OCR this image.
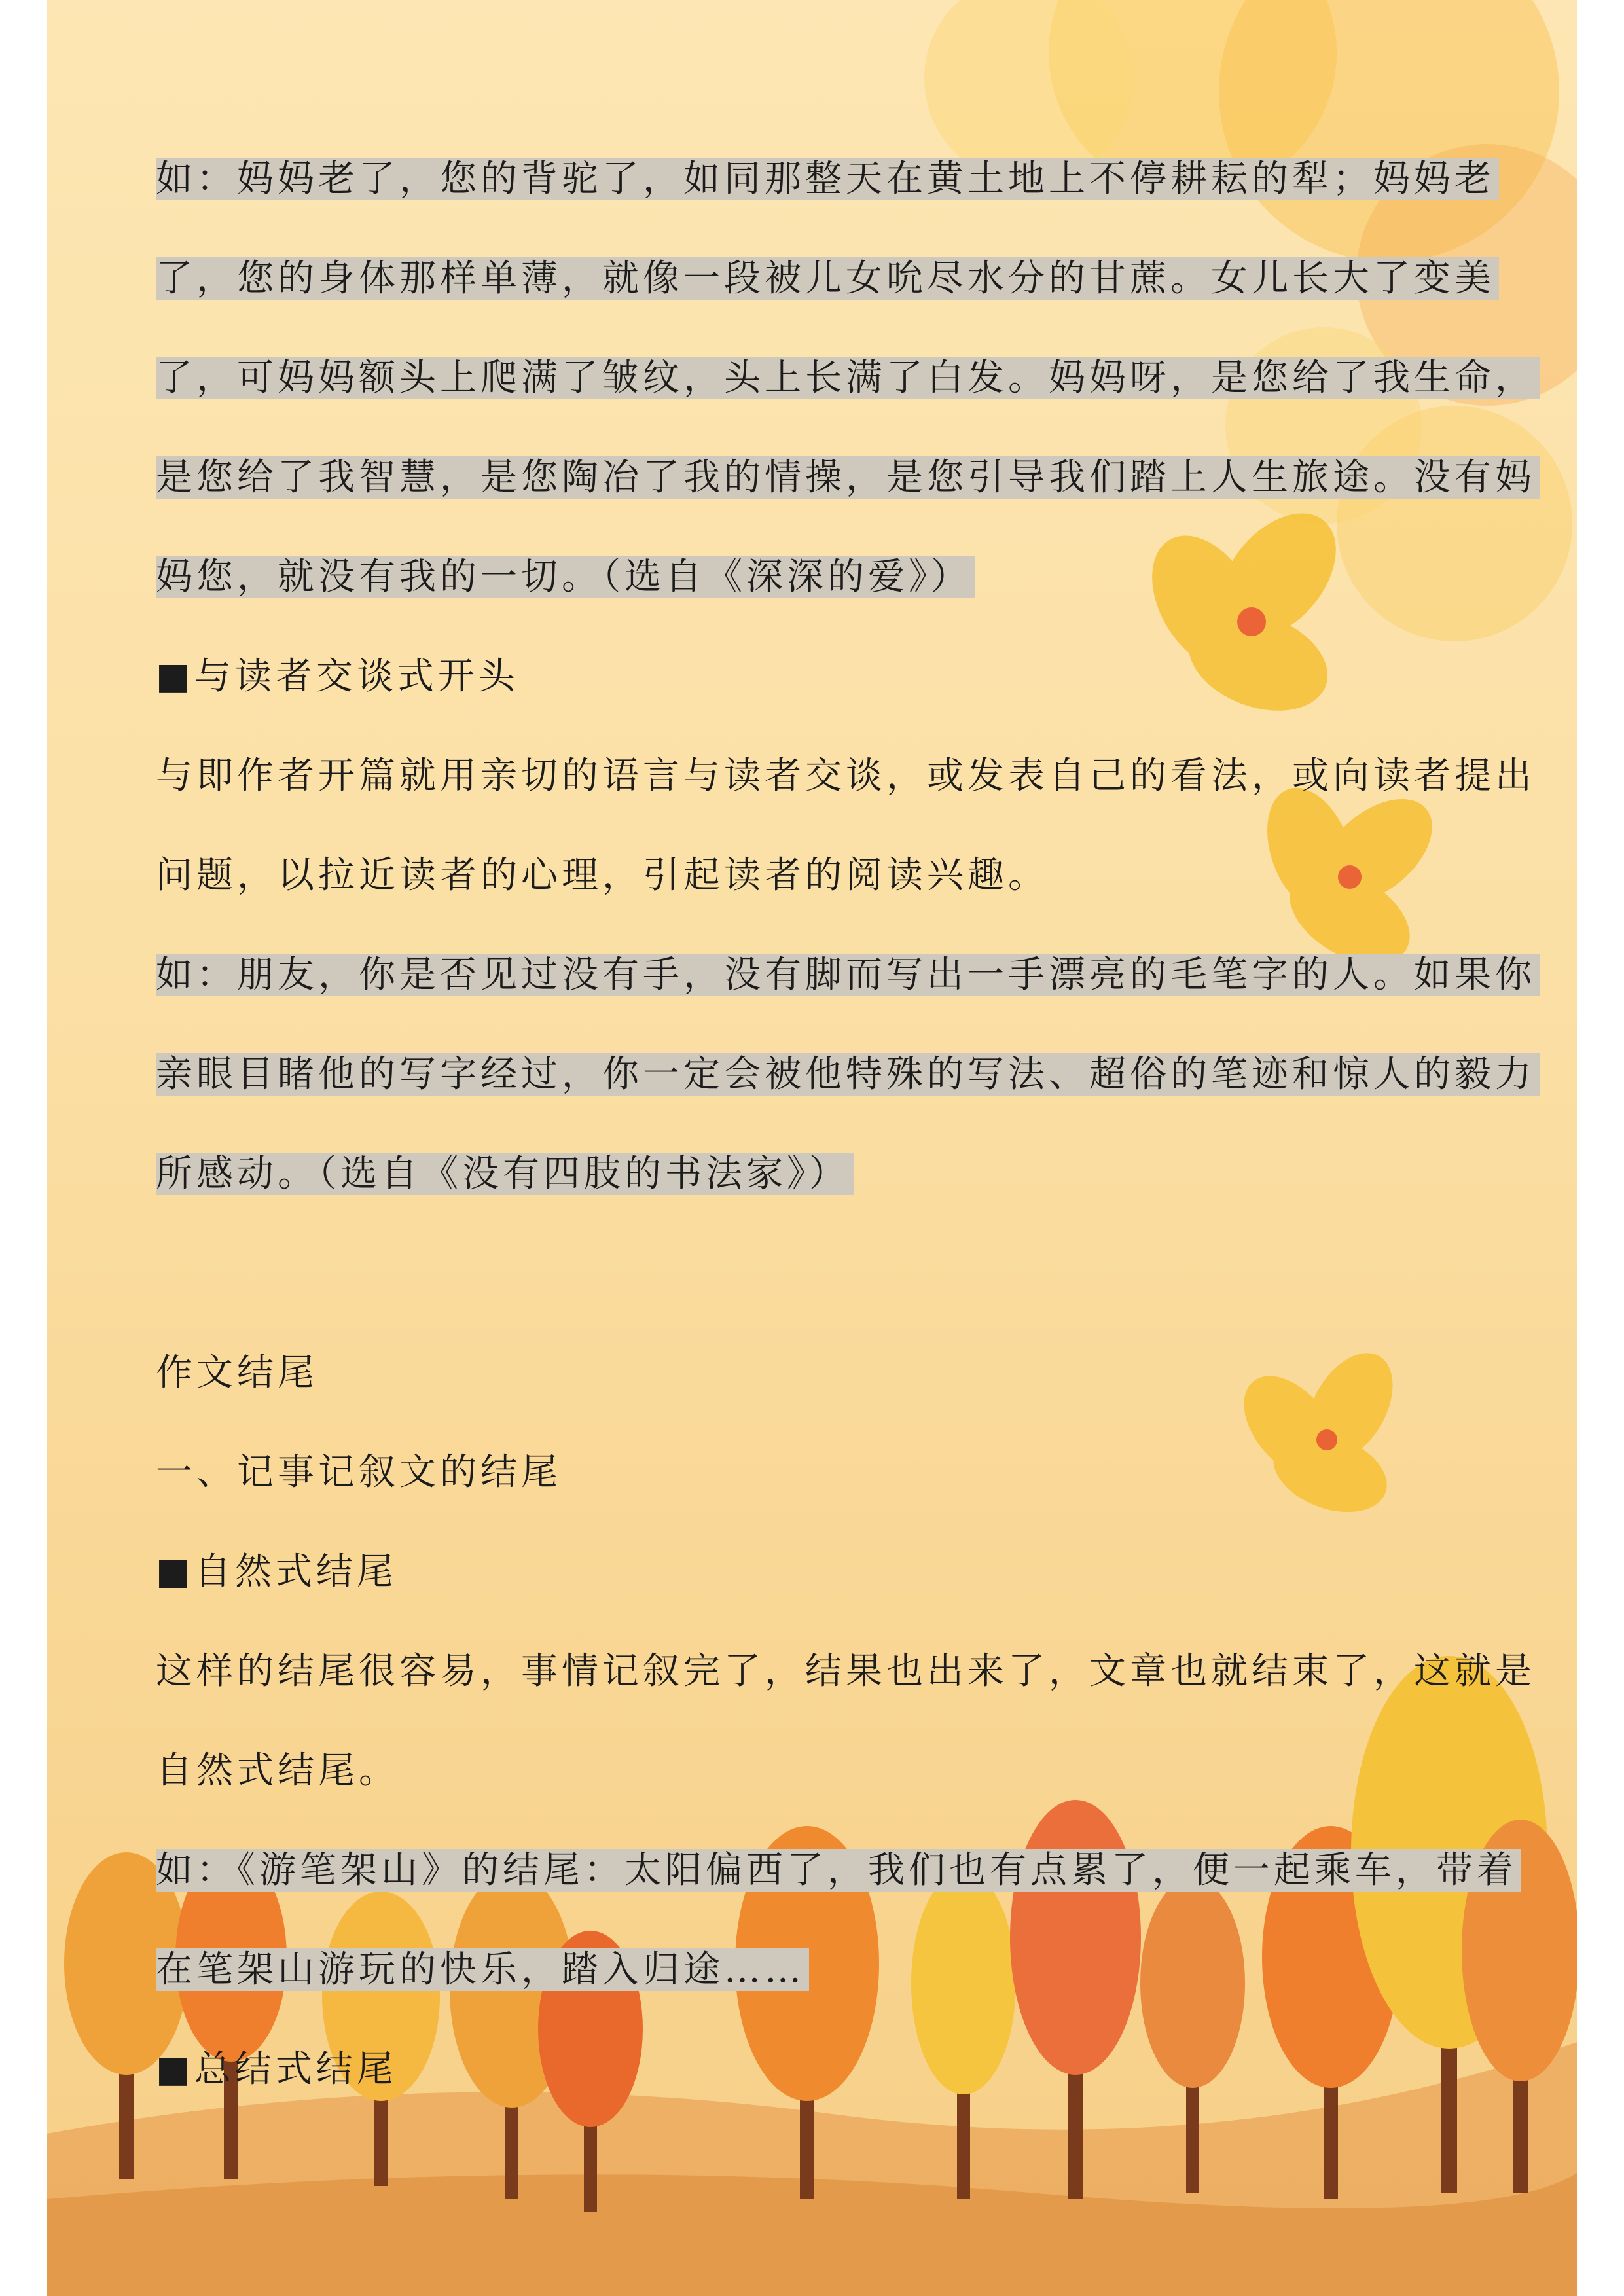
如：妈妈老了，您的背驼了，如同那整天在黄土地上不停耕耘的犁；妈妈老
了，您的身体那样单薄，就像一段被儿女吮尽水分的甘蔗。女儿长大了变美
了，可妈妈额头上爬满了皱纹，头上长满了白发。妈妈呀，是您给了我生命，
是您给了我智慧，是您陶冶了我的情操，是您引导我们踏上人生旅途。没有妈
妈您，就没有我的一切。（选自《深深的爱》）
■与读者交谈式开头
与即作者开篇就用亲切的语言与读者交谈，或发表自己的看法，或向读者提出
问题，以拉近读者的心理，引起读者的阅读兴趣。
如：朋友，你是否见过没有手，没有脚而写出一手漂亮的毛笔字的人。如果你
亲眼目睹他的写字经过，你一定会被他特殊的写法、超俗的笔迹和惊人的毅力
所感动。（选自《没有四肢的书法家》）
作文结尾
一、记事记叙文的结尾
■自然式结尾
这样的结尾很容易，事情记叙完了，结果也出来了，文章也就结束了，这就是
自然式结尾。
如：《游笔架山》的结尾：太阳偏西了，我们也有点累了，便一起乘车，带着
在笔架山游玩的快乐，踏入归途……
■总结式结尾
